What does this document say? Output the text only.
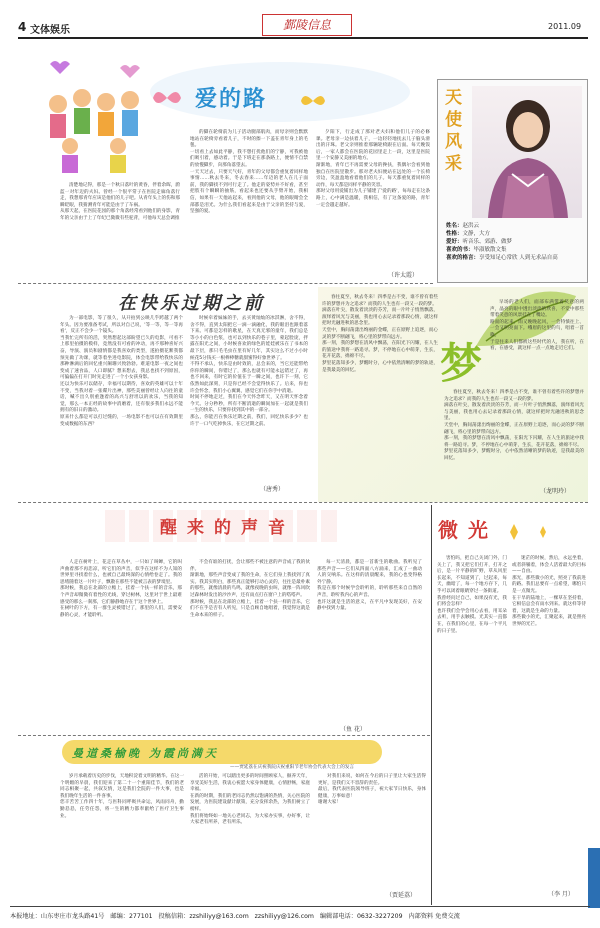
4 文体娱乐	鄞陵信息	2011.09
爱的路
清楚地记得，那是一个秋日落叶的黄昏，伴着余晖，蔚蓝一对年迈的夫妇。曾经一个很平常子在医院走廊角落行走，我想那青年应该是他们的儿子吧。从青年头上的伤和那瞬眨眼，我猜测青年可能是由于了车祸。
从那天起，在医院花园的那个角落经常看到他们的身影，青年的父亲由于上了年纪已微微有些驼背，可他每天总会调推
的脚在轮椅前为儿子活动腿部肌肉，而母亲则会默默地站在轮椅旁看着儿子，不时的擦一下盖在青年身上的毛毯。
一切看上去如此平静，我不想打扰他们的宁静，可我被他们吸引着，感动着。于是下班走在那条路上，便情不自禁的放慢脚步，向那角落望去。
一天天过去，只要天气好，青年的父母都会重复着同样地事情……秋去冬来，冬去春来……年迈的老人在儿子面前，我的脚找不到可行走了。他走的姿势并不好看，甚至把肢有个瞬瞬的抽筋，看起来也还要从手臂开始，我相信，如果有一天他站起来，看到他的父母，他的眼睛会全部都是泪光。为什么我们看起来是由于父亲的坚持与爱，坚强的爱。
夕阳下，行走成了那对老夫妇和他们儿子的必修课。老母亲一边扶着儿子，一边轻轻地抚去儿子脑头滑出的汗珠。老父亲则推着那辆轮椅跟在后面。每天晚饭后，一家人都会在医院的花园里走上一段，这里是医院里一个安静又美丽的地方。
渐渐地，青年已不再需要父母的搀扶，我偶尔会看到他独自在医院里散步。那对老夫妇便站在远处的一个长椅旁边，笑盈盈地看着他们的儿子。每天都重复着同样的动作，每天都是同样平静的笑容。
那时父母用爱铺出为儿子铺建了'爱的路'，每每走在这条路上，心中满是温暖，我相信，有了这条爱的路，青年一定会越走越好。
（许太霞）
天使风采
姓名：赵洪云
性格：文静，大方
爱好：听音乐、郊游、做梦
喜欢的书：毕淑敏散文集
喜欢的格言：享受知足心常欣 人到无求品自高
在快乐过期之前
为一部电影，等了很久，从开拍到公映几乎跨越了两个年头。因为要准备考试，所以对自己说，'等一等，等一等再看'，反正不会少一个镜头。
当我忙完所有的活，突然想起这部盼望已久的电影，可看不上那里拍摄的模样，竟然没有可看的冲动，再不那种喜好兴奋，导演、演员和剧情都是我喜欢的类型，遂拍摄花絮我都预先做了功课，就等着坐进电影院，体会电影带给我快乐的那种淋漓后的回忆重兴阑珊兴致勃勃。难道电影一夜之间也变成了速食品，人口即腻？想来想去，我总也找不到原因，可偏偏在打开门时先走进了一个小女孩身影。
还以为快乐可以储存，幸福可以期待，喜欢的英雄可以十年不变，当我对着一张碟片出神，那些美丽曾经让人向往的童话，喊不出久别重逢着的高兴与舒坦以的欢乐，当我的知觉，那么一本正经的故事中消磨着，还有很多我们永远不能拥有的旧日的激动。
原来什么都是可以打过缝的，一场电影不也可以在有效期里变成数据的东西？
时候牵着妹妹的手，去买黄灿灿的冰淇淋，舍不得，舍不得，直到太阳把它一滴一滴融化，我的眼泪也跟着落下来。可都是怎样的歌星，在天真无邪的童年，我们总是等小小的白色浆，也可以到快乐的巷子里，蒙起脸庞，拌露在阳光之间，小时候喜欢的绿色的娃娃被乐在了书本的最下层，那只毛毛虫在里有好几年，其实这么不过小小时候花5分钱买一根棒棒糖就甜蜜得好象世界了。
不得不承认，快乐是由时效的，总会来的，当它还能带给你你的瞬间，你错过了，那么也就有可能永远错过了，再也不回来，有时它的价值在于一瞬之间，也许下一刻，它依然如此深刻，只是你已经不会觉得快乐了。后来，你也许会怀念，我们小心翼翼，感觉它们在你手中消逝。
时间不停地走过，我们在今天怀念昨天，又在明天怀念着今天。分分秒秒，所有不断消逝的瞬间加在一起就是我们一生的快乐，只要你找到其中的一部分。
那么，你能否在快乐过期之前，我们，回忆快乐多少？也许于一口气吃掉快乐，在它过期之前。
（唐秀）
梦
春往夏至，秋去冬来！四季是古不变，谁不曾有着些许的梦想并为之追求？而我的人生也有一段又一段的梦。
滴落在叶尖，散发着淡淡的芬芳，而一片叶子悄然飘落，演绎着风光与美丽，我也用心去记录着那段心情，就这样把时光融进秋的思念里。
天堂中，胸间荡漾出绚丽的金蝶，正在原野上追逐，而心灵的梦不断翩飞，将心里的梦带向远方。
那一刻，我的梦想在清风中飘荡，在阳光下闪耀，在人生的旅途中我将一路追寻。梦，不停地在心中萌芽，生长，花开花落，绵绵不尽。
梦里花落知多少，梦醒时分，心中依然清晰的梦的轨迹，是我最美的回忆。
早场的老人们，面部布满带着笑意的两声，晶亮的眼中透出淡淡的欣喜，不觉中那些带着笑意的风景挂在了嘴边。
路面的起来，雨又晚晚起风，一会特愤往上、一会又明亮面下。峨眉的这里的鸟，唱着一首歌。
于是往来人们都被这些时代的人，我在听，在看，在感受，就这样一点一点地走近它们。
春往夏至，秋去冬来！四季是古不变，谁不曾有着些许的梦想并为之追求？而我的人生也有一段又一段的梦。
滴落在叶尖，散发着淡淡的芬芳，而一片叶子悄然飘落，演绎着风光与美丽，我也用心去记录着那段心情，就这样把时光融进秋的思念里。
天堂中，胸间荡漾出绚丽的金蝶，正在原野上追逐，而心灵的梦不断翩飞，将心里的梦带向远方。
那一刻，我的梦想在清风中飘荡，在阳光下闪耀，在人生的旅途中我将一路追寻。梦，不停地在心中萌芽，生长，花开花落，绵绵不尽。
梦里花落知多少，梦醒时分，心中依然清晰的梦的轨迹，是我最美的回忆。
（龙明玲）
醒来的声音
人走在树叶上，花走在草丛中，一只如了叫蝉，它的叫声曲着那不再悲凉，听它们的声音，似乎在这样不为人知的世界里寻找着什么，也被自己最终深的心情给卷走了。我的思绪随着这一片叶子，飘散在那些不能被言表的梦境里。
那时候，我总在北部的立檐上，挂着一个扶一样的音乐，那个声音却微微有着性的光线，穿过树林，这里对于世上最难感受的那么一刹那，它们静静地存在于这个世界上。
在树叶的下方，有一群生灵被错过了，那里的人们，需要安静的心灵，才能聆听。
不会有谁的打扰，会让那些不被注意的声音成了我的伙伴。
渐渐地，那些声音变成了我的生命，在它们身上我找到了真实。我其实明白，那些真正能够打动心灵的，往往是最朴素的那些，就像清晨的鸟鸣，就像夜晚的虫叫，就像一阵风吹过森林时发出的沙沙声，还有雨点打在窗户上的嗒嗒声。
那时候，我总在北部的立檐上，挂着一个扶一样的音乐，它们不在乎是否有人听见，只是自顾自地唱着，我觉得这就是生命本来的样子。
每一天清晨，都是一首新生的歌曲。我听见了那些声音——它们从四面八方涌来，汇成了一曲动人的交响乐。在这样的清晨醒来，我的心也变得格外宁静。
我是在那个时候学会聆听的，聆听那些来自自然的声音，聆听我内心的声音。
也许这就是生活的意义，在平凡中发现美好，在安静中找到力量。
（鱼 花）
微光
害怕吗，把自己关闭门外，门关上了，我又把它们打开，打开之后，是一片平静的旷野，草从风里长起来，不知道到了，过起来，每天，幽暗了，每一个地方存下，几乎可以闭着眼睛穿过一条街道。
我曾经问过自己，如果没有光，我们将会怎样？
也许我们会学会用心去看，用耳朵去听，用手去触摸。光其实一直都在，在我们的心里，在每一个平凡的日子里。
迷茫的时候，然后，永远坐着，或者斜躺着，体会人活着最大的目标——自由。
那光，那些微小的光，照亮了我前进的路。我们总要有一点希望，哪怕只是一点微光。
在干旱的陆地上，一棵草在坚持着，它相信总会有雨水到来。就这样等待着，这就是生命的力量。
那些微小的光，汇聚起来，就是照亮世界的光芒。
（李 月）
曼道桑榆晚 为霞尚满天
——贾延荔在庆祝我院庆祝重阳节老年协会代表大会上的发言
岁月承载着历史的步伐，天地积淀着文明的精华。在这一个明媚的早晨，我们迎来了第二十一个重阳佳节，我们的老同志相聚一起，共叙友情，这是我们全院的一件大事，也是我们晚年生活的一件喜事。
您辛苦苦工作四十年，与医科同呼吸共命运，风雨同舟，勤勤恳恳，任劳任怨，将一生的精力都奉献给了医疗卫生事业。
活的开始，可以踏出更多的时间照顾家人，颐养天年，享受美好生活，我衷心祝愿大家身体健康，心情舒畅，家庭幸福。
在新的时期，我们的老同志仍然以饱满的热情，关心医院的发展，为医院建设献计献策，充分发挥余热，为我们树立了榜样。
我们将始终如一地关心老同志，为大家办实事，办好事，让大家老有所养，老有所乐。
对我们来说，如何在今后的日子里让大家生活得更好，是我们义不容辞的责任。
最后，我代表医院领导班子，祝大家节日快乐，身体健康，万事如意！
谢谢大家！
（贾延荔）
本报地址：山东枣庄市龙头路41号 邮编：277101 投稿信箱：zzshiliyy@163.com zzshiliyy@126.com 编辑部电话：0632-3227209 内部资料 免费交流
